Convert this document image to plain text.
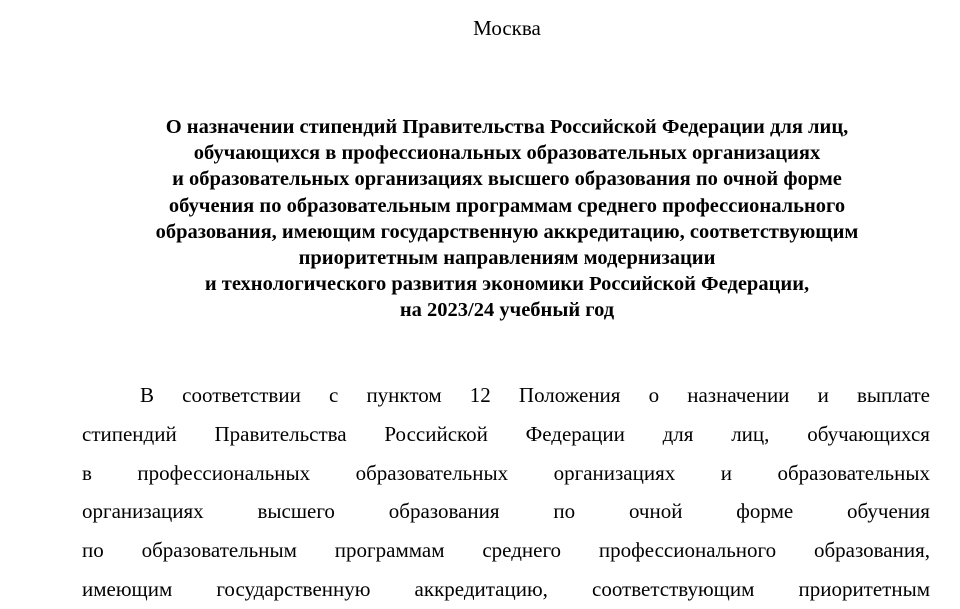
Москва
О назначении стипендий Правительства Российской Федерации для лиц,
обучающихся в профессиональных образовательных организациях
и образовательных организациях высшего образования по очной форме
обучения по образовательным программам среднего профессионального
образования, имеющим государственную аккредитацию, соответствующим
приоритетным направлениям модернизации
и технологического развития экономики Российской Федерации,
на 2023/24 учебный год
В соответствии с пунктом 12 Положения о назначении и выплате
стипендий Правительства Российской Федерации для лиц, обучающихся
в профессиональных образовательных организациях и образовательных
организациях	высшего	образования	по	очной	форме	обучения
по образовательным программам среднего профессионального образования,
имеющим государственную аккредитацию, соответствующим приоритетным
